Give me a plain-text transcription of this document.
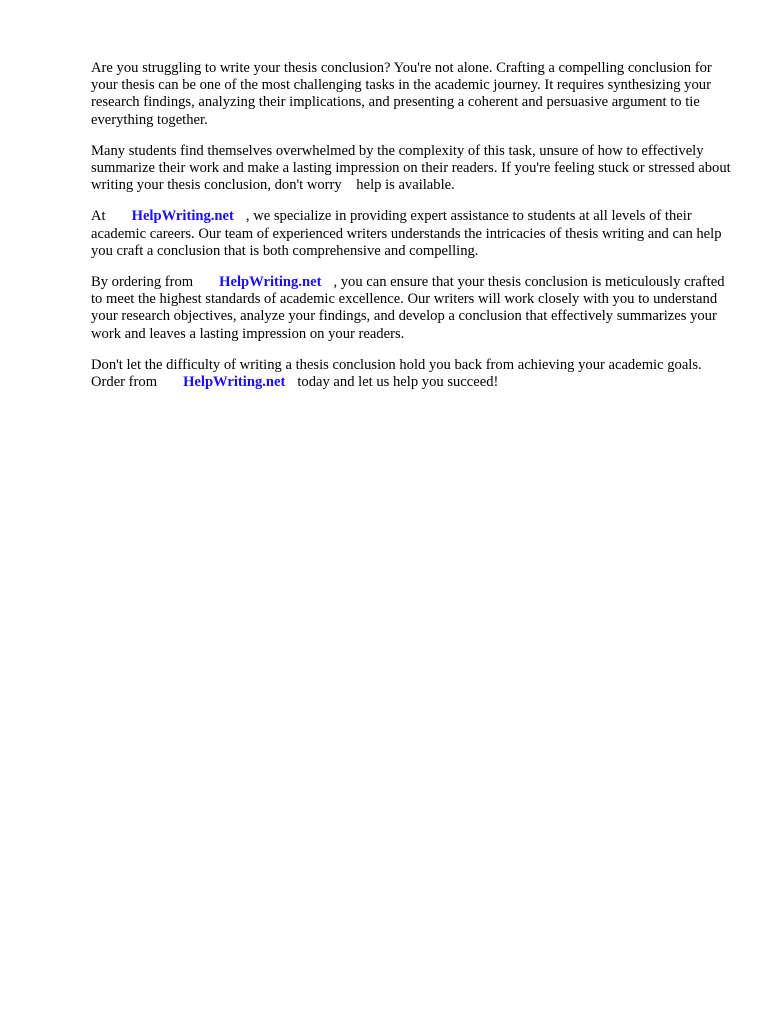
Are you struggling to write your thesis conclusion? You're not alone. Crafting a compelling conclusion for your thesis can be one of the most challenging tasks in the academic journey. It requires synthesizing your research findings, analyzing their implications, and presenting a coherent and persuasive argument to tie everything together.

Many students find themselves overwhelmed by the complexity of this task, unsure of how to effectively summarize their work and make a lasting impression on their readers. If you're feeling stuck or stressed about writing your thesis conclusion, don't worry    help is available.

At HelpWriting.net , we specialize in providing expert assistance to students at all levels of their academic careers. Our team of experienced writers understands the intricacies of thesis writing and can help you craft a conclusion that is both comprehensive and compelling.

By ordering from HelpWriting.net , you can ensure that your thesis conclusion is meticulously crafted to meet the highest standards of academic excellence. Our writers will work closely with you to understand your research objectives, analyze your findings, and develop a conclusion that effectively summarizes your work and leaves a lasting impression on your readers.

Don't let the difficulty of writing a thesis conclusion hold you back from achieving your academic goals. Order from HelpWriting.net today and let us help you succeed!
